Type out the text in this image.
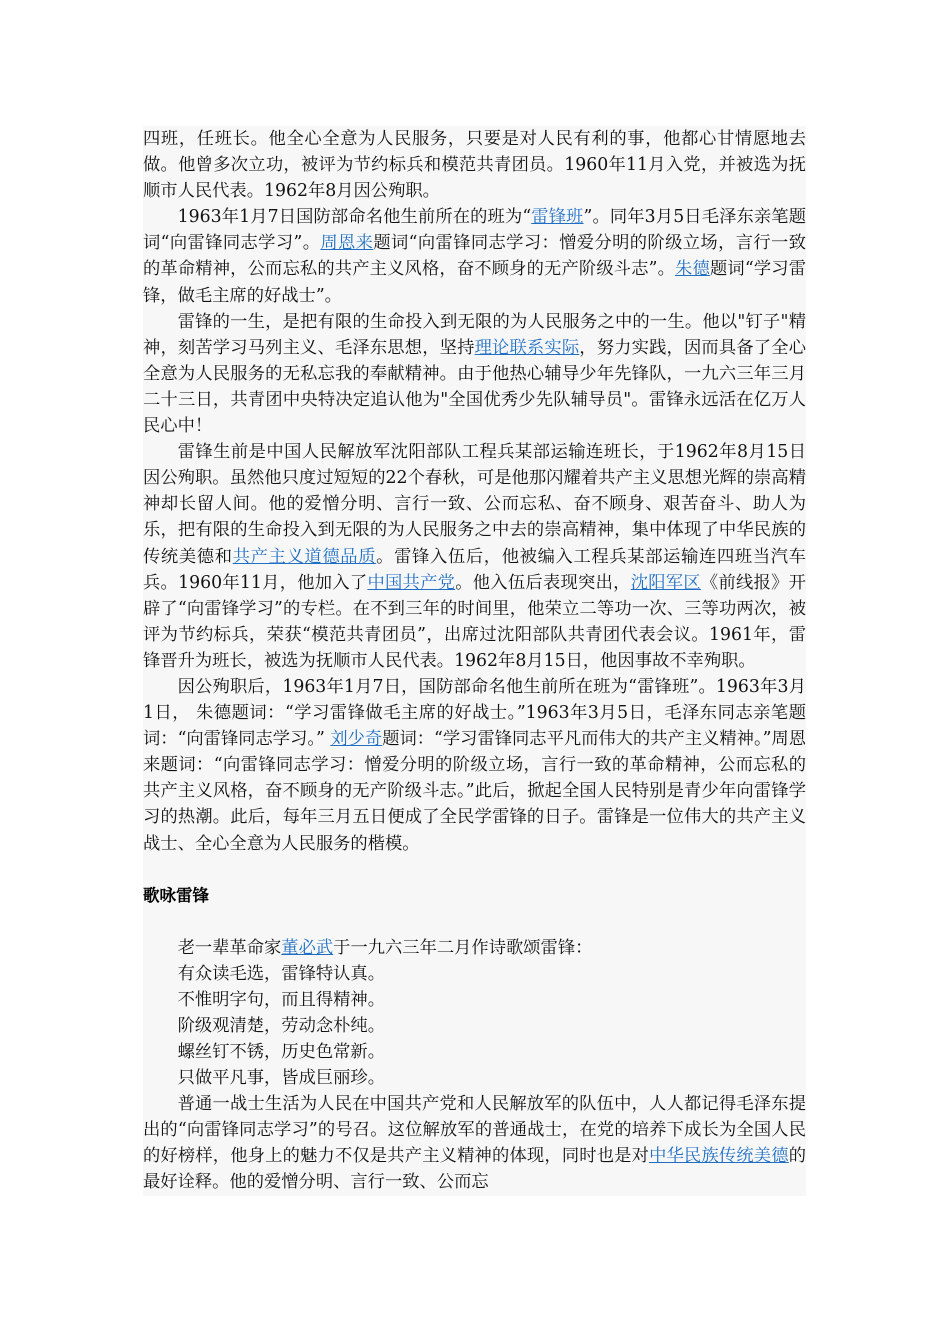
四班，任班长。他全心全意为人民服务，只要是对人民有利的事，他都心甘情愿地去做。他曾多次立功，被评为节约标兵和模范共青团员。1960年11月入党，并被选为抚顺市人民代表。1962年8月因公殉职。

1963年1月7日国防部命名他生前所在的班为“雷锋班”。同年3月5日毛泽东亲笔题词“向雷锋同志学习”。周恩来题词“向雷锋同志学习：憎爱分明的阶级立场，言行一致的革命精神，公而忘私的共产主义风格，奋不顾身的无产阶级斗志”。朱德题词“学习雷锋，做毛主席的好战士”。

雷锋的一生，是把有限的生命投入到无限的为人民服务之中的一生。他以"钉子"精神，刻苦学习马列主义、毛泽东思想，坚持理论联系实际，努力实践，因而具备了全心全意为人民服务的无私忘我的奉献精神。由于他热心辅导少年先锋队，一九六三年三月二十三日，共青团中央特决定追认他为"全国优秀少先队辅导员"。雷锋永远活在亿万人民心中！

雷锋生前是中国人民解放军沈阳部队工程兵某部运输连班长，于1962年8月15日因公殉职。虽然他只度过短短的22个春秋，可是他那闪耀着共产主义思想光辉的崇高精神却长留人间。他的爱憎分明、言行一致、公而忘私、奋不顾身、艰苦奋斗、助人为乐，把有限的生命投入到无限的为人民服务之中去的崇高精神，集中体现了中华民族的传统美德和共产主义道德品质。雷锋入伍后，他被编入工程兵某部运输连四班当汽车兵。1960年11月，他加入了中国共产党。他入伍后表现突出，沈阳军区《前线报》开辟了“向雷锋学习”的专栏。在不到三年的时间里，他荣立二等功一次、三等功两次，被评为节约标兵，荣获“模范共青团员”，出席过沈阳部队共青团代表会议。1961年，雷锋晋升为班长，被选为抚顺市人民代表。1962年8月15日，他因事故不幸殉职。

因公殉职后，1963年1月7日，国防部命名他生前所在班为“雷锋班”。1963年3月1日， 朱德题词：“学习雷锋做毛主席的好战士。”1963年3月5日，毛泽东同志亲笔题词：“向雷锋同志学习。” 刘少奇题词：“学习雷锋同志平凡而伟大的共产主义精神。”周恩来题词：“向雷锋同志学习：憎爱分明的阶级立场，言行一致的革命精神，公而忘私的共产主义风格，奋不顾身的无产阶级斗志。”此后，掀起全国人民特别是青少年向雷锋学习的热潮。此后，每年三月五日便成了全民学雷锋的日子。雷锋是一位伟大的共产主义战士、全心全意为人民服务的楷模。

歌咏雷锋

老一辈革命家董必武于一九六三年二月作诗歌颂雷锋：

有众读毛选，雷锋特认真。
不惟明字句，而且得精神。
阶级观清楚，劳动念朴纯。
螺丝钉不锈，历史色常新。
只做平凡事，皆成巨丽珍。

普通一战士生活为人民在中国共产党和人民解放军的队伍中，人人都记得毛泽东提出的“向雷锋同志学习”的号召。这位解放军的普通战士，在党的培养下成长为全国人民的好榜样，他身上的魅力不仅是共产主义精神的体现，同时也是对中华民族传统美德的最好诠释。他的爱憎分明、言行一致、公而忘
